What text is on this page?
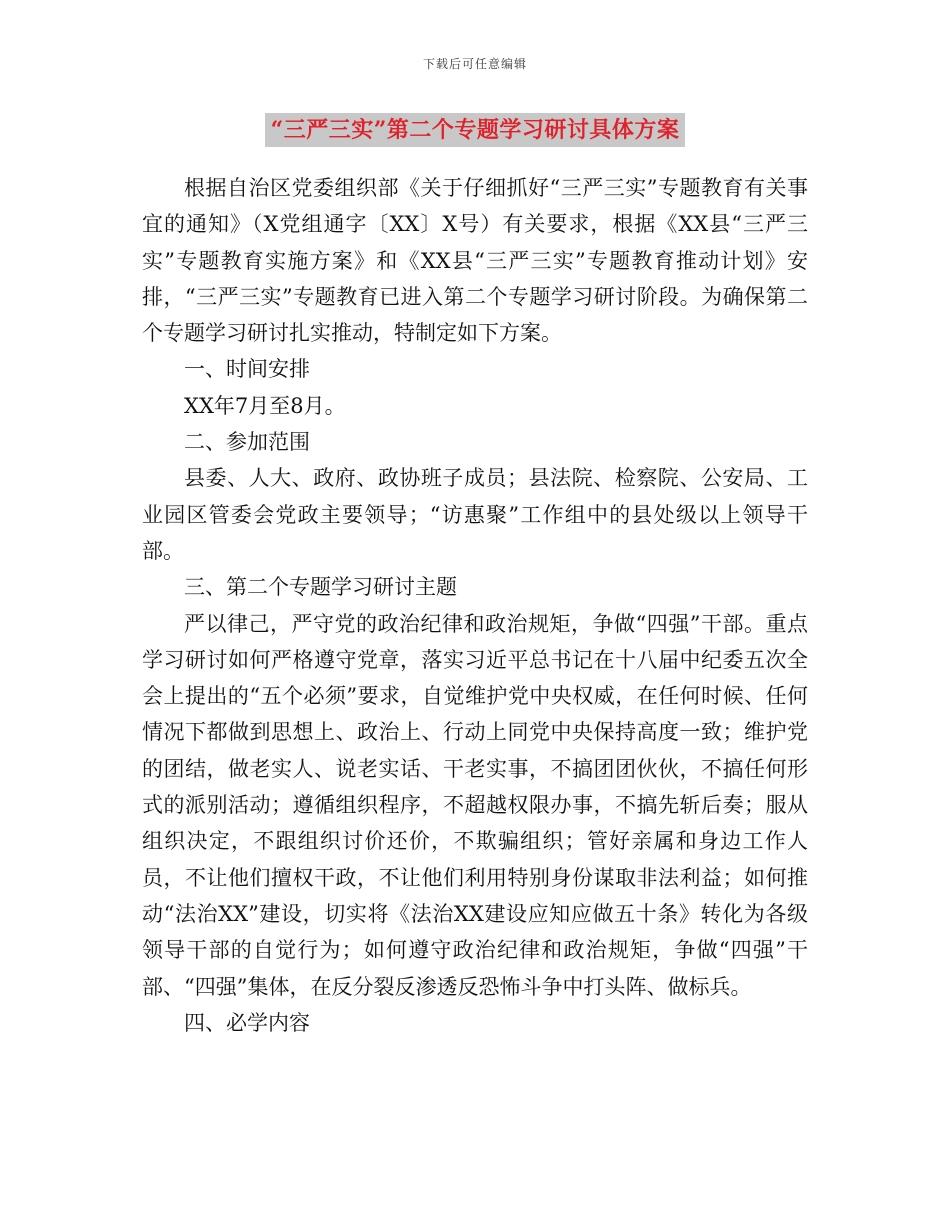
下载后可任意编辑
“三严三实”第二个专题学习研讨具体方案

根据自治区党委组织部《关于仔细抓好“三严三实”专题教育有关事宜的通知》（X党组通字〔XX〕X号）有关要求，根据《XX县“三严三实”专题教育实施方案》和《XX县“三严三实”专题教育推动计划》安排，“三严三实”专题教育已进入第二个专题学习研讨阶段。为确保第二个专题学习研讨扎实推动，特制定如下方案。

一、时间安排

XX年7月至8月。

二、参加范围

县委、人大、政府、政协班子成员；县法院、检察院、公安局、工业园区管委会党政主要领导；“访惠聚”工作组中的县处级以上领导干部。

三、第二个专题学习研讨主题

严以律己，严守党的政治纪律和政治规矩，争做“四强”干部。重点学习研讨如何严格遵守党章，落实习近平总书记在十八届中纪委五次全会上提出的“五个必须”要求，自觉维护党中央权威，在任何时候、任何情况下都做到思想上、政治上、行动上同党中央保持高度一致；维护党的团结，做老实人、说老实话、干老实事，不搞团团伙伙，不搞任何形式的派别活动；遵循组织程序，不超越权限办事，不搞先斩后奏；服从组织决定，不跟组织讨价还价，不欺骗组织；管好亲属和身边工作人员，不让他们擅权干政，不让他们利用特别身份谋取非法利益；如何推动“法治XX”建设，切实将《法治XX建设应知应做五十条》转化为各级领导干部的自觉行为；如何遵守政治纪律和政治规矩，争做“四强”干部、“四强”集体，在反分裂反渗透反恐怖斗争中打头阵、做标兵。

四、必学内容
